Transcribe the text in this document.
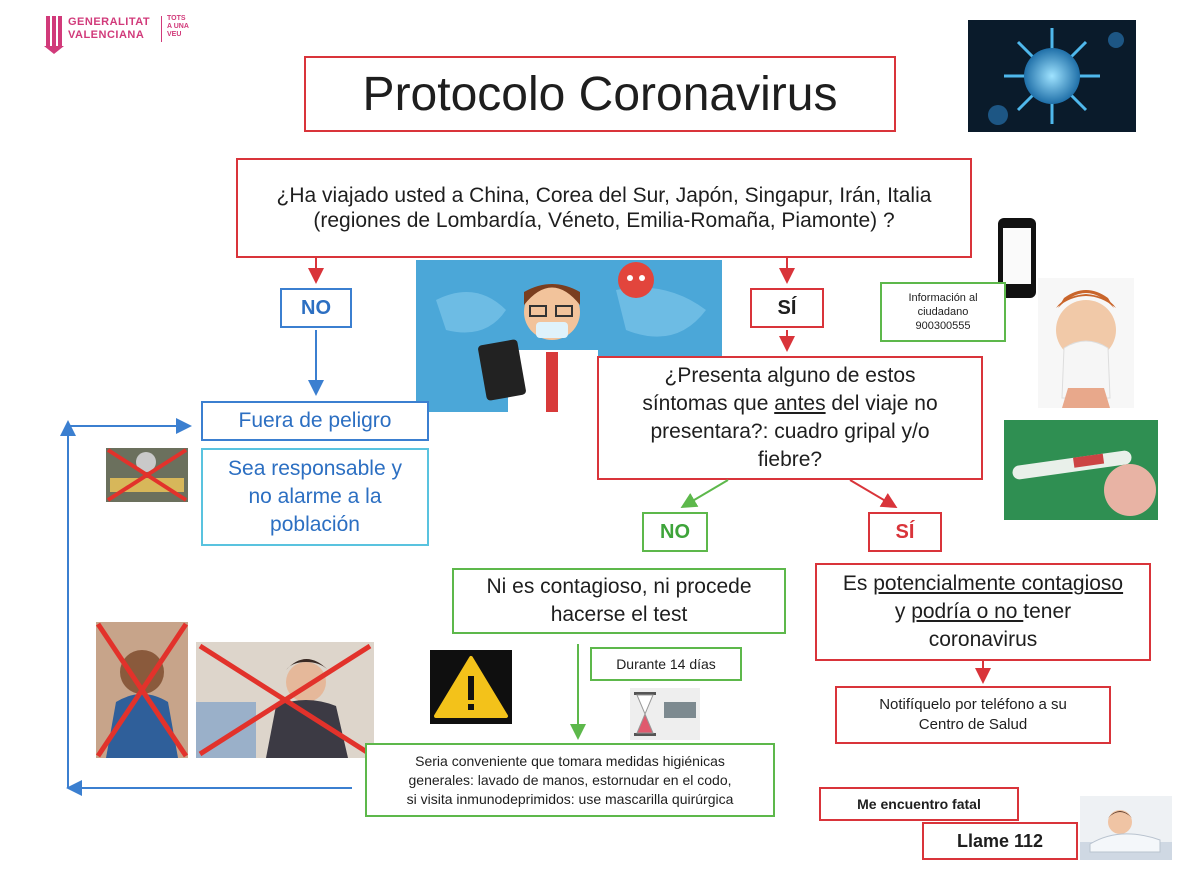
GENERALITAT
VALENCIANA
TOTS
A UNA
VEU
Protocolo Coronavirus
¿Ha viajado usted a China, Corea del Sur, Japón, Singapur, Irán, Italia
(regiones de Lombardía, Véneto, Emilia-Romaña, Piamonte) ?
NO	SÍ	Información al
ciudadano
900300555
Fuera de peligro
Sea responsable y
no alarme a la
población
¿Presenta alguno de estos
síntomas que antes del viaje no
presentara?: cuadro gripal y/o
fiebre?
NO	SÍ
Ni es contagioso, ni procede
hacerse el test
Es potencialmente contagioso
y podría o no tener
coronavirus
Durante 14 días
Notifíquelo por teléfono a su
Centro de Salud
Seria conveniente que tomara medidas higiénicas
generales: lavado de manos, estornudar en el codo,
si visita inmunodeprimidos: use mascarilla quirúrgica	Me encuentro fatal
Llame 112
